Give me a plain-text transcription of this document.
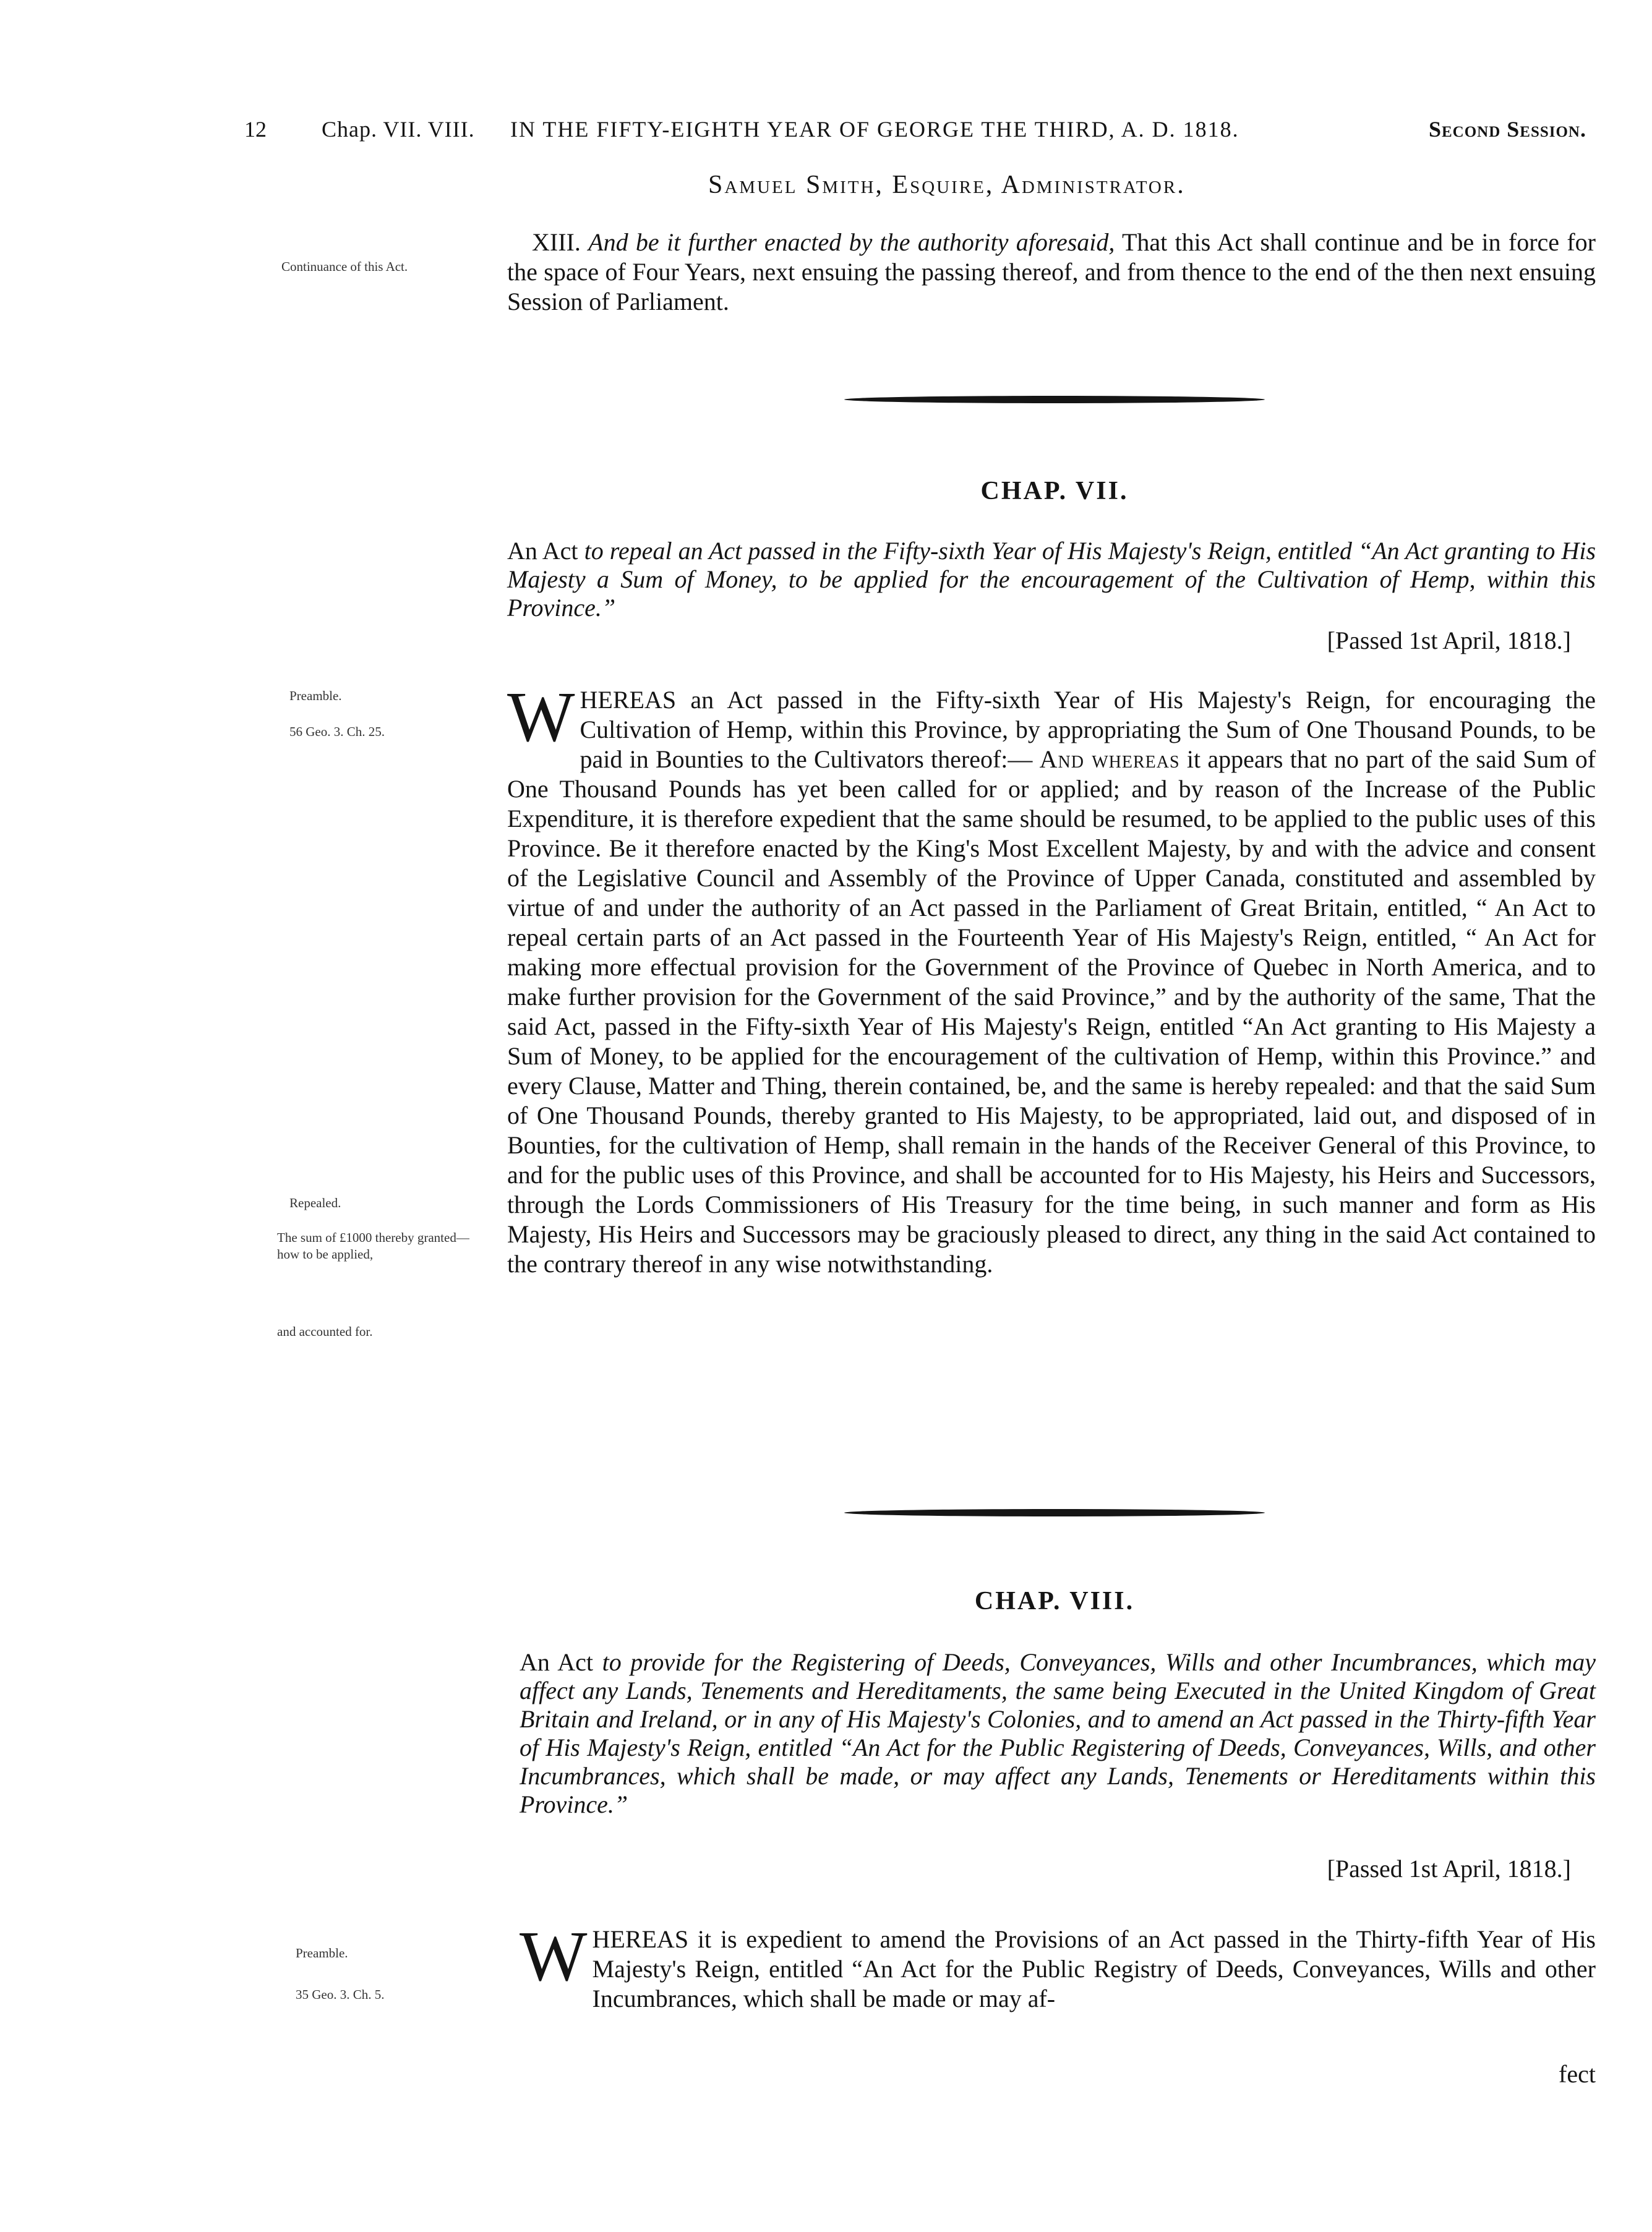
12 Chap. VII. VIII. IN THE FIFTY-EIGHTH YEAR OF GEORGE THE THIRD, A. D. 1818.	Second Session.
Samuel Smith, Esquire, Administrator.
Continuance of this Act.
XIII. And be it further enacted by the authority aforesaid, That this Act shall continue and be in force for the space of Four Years, next ensuing the passing thereof, and from thence to the end of the then next ensuing Session of Parliament.
CHAP. VII.
An Act to repeal an Act passed in the Fifty-sixth Year of His Majesty's Reign, entitled “An Act granting to His Majesty a Sum of Money, to be applied for the encouragement of the Cultivation of Hemp, within this Province.”
[Passed 1st April, 1818.]
Preamble.
56 Geo. 3. Ch. 25.
Repealed.
The sum of £1000 thereby granted—how to be applied,
and accounted for.
W HEREAS an Act passed in the Fifty-sixth Year of His Majesty's Reign, for encouraging the Cultivation of Hemp, within this Province, by appropriating the Sum of One Thousand Pounds, to be paid in Bounties to the Cultivators thereof:— And whereas it appears that no part of the said Sum of One Thousand Pounds has yet been called for or applied; and by reason of the Increase of the Public Expenditure, it is therefore expedient that the same should be resumed, to be applied to the public uses of this Province. Be it therefore enacted by the King's Most Excellent Majesty, by and with the advice and consent of the Legislative Council and Assembly of the Province of Upper Canada, constituted and assembled by virtue of and under the authority of an Act passed in the Parliament of Great Britain, entitled, “ An Act to repeal certain parts of an Act passed in the Fourteenth Year of His Majesty's Reign, entitled, “ An Act for making more effectual provision for the Government of the Province of Quebec in North America, and to make further provision for the Government of the said Province,” and by the authority of the same, That the said Act, passed in the Fifty-sixth Year of His Majesty's Reign, entitled “An Act granting to His Majesty a Sum of Money, to be applied for the encouragement of the cultivation of Hemp, within this Province.” and every Clause, Matter and Thing, therein contained, be, and the same is hereby repealed: and that the said Sum of One Thousand Pounds, thereby granted to His Majesty, to be appropriated, laid out, and disposed of in Bounties, for the cultivation of Hemp, shall remain in the hands of the Receiver General of this Province, to and for the public uses of this Province, and shall be accounted for to His Majesty, his Heirs and Successors, through the Lords Commissioners of His Treasury for the time being, in such manner and form as His Majesty, His Heirs and Successors may be graciously pleased to direct, any thing in the said Act contained to the contrary thereof in any wise notwithstanding.
CHAP. VIII.
An Act to provide for the Registering of Deeds, Conveyances, Wills and other Incumbrances, which may affect any Lands, Tenements and Hereditaments, the same being Executed in the United Kingdom of Great Britain and Ireland, or in any of His Majesty's Colonies, and to amend an Act passed in the Thirty-fifth Year of His Majesty's Reign, entitled “An Act for the Public Registering of Deeds, Conveyances, Wills, and other Incumbrances, which shall be made, or may affect any Lands, Tenements or Hereditaments within this Province.”
[Passed 1st April, 1818.]
Preamble.
35 Geo. 3. Ch. 5.	W HEREAS it is expedient to amend the Provisions of an Act passed in the Thirty-fifth Year of His Majesty's Reign, entitled “An Act for the Public Registry of Deeds, Conveyances, Wills and other Incumbrances, which shall be made or may af-
fect
